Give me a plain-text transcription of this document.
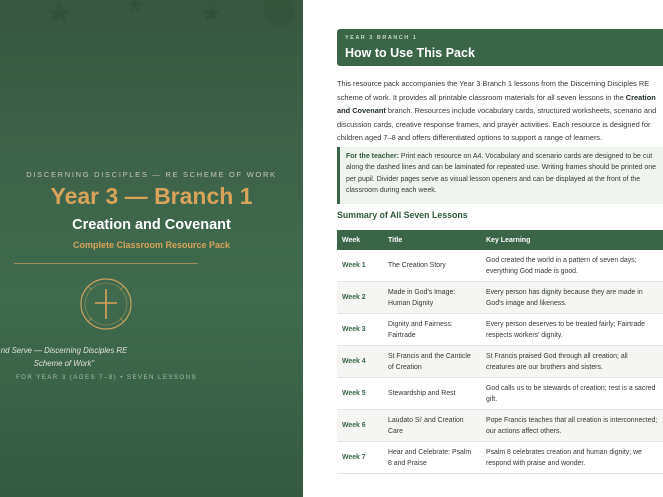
DISCERNING DISCIPLES — RE SCHEME OF WORK
Year 3 — Branch 1
Creation and Covenant
Complete Classroom Resource Pack
nd Serve — Discerning Disciples RE
Scheme of Work"
FOR YEAR 3 (AGES 7–8) • SEVEN LESSONS
YEAR 3 BRANCH 1
How to Use This Pack
This resource pack accompanies the Year 3 Branch 1 lessons from the Discerning Disciples RE scheme of work. It provides all printable classroom materials for all seven lessons in the Creation and Covenant branch. Resources include vocabulary cards, structured worksheets, scenario and discussion cards, creative response frames, and prayer activities. Each resource is designed for children aged 7–8 and offers differentiated options to support a range of learners.
For the teacher: Print each resource on A4. Vocabulary and scenario cards are designed to be cut along the dashed lines and can be laminated for repeated use. Writing frames should be printed one per pupil. Divider pages serve as visual lesson openers and can be displayed at the front of the classroom during each week.
Summary of All Seven Lessons
Week	Title	Key Learning
Week 1	The Creation Story	God created the world in a pattern of seven days; everything God made is good.
Week 2	Made in God's Image: Human Dignity	Every person has dignity because they are made in God's image and likeness.
Week 3	Dignity and Fairness: Fairtrade	Every person deserves to be treated fairly; Fairtrade respects workers' dignity.
Week 4	St Francis and the Canticle of Creation	St Francis praised God through all creation; all creatures are our brothers and sisters.
Week 5	Stewardship and Rest	God calls us to be stewards of creation; rest is a sacred gift.
Week 6	Laudato Si' and Creation Care	Pope Francis teaches that all creation is interconnected; our actions affect others.
Week 7	Hear and Celebrate: Psalm 8 and Praise	Psalm 8 celebrates creation and human dignity; we respond with praise and wonder.
